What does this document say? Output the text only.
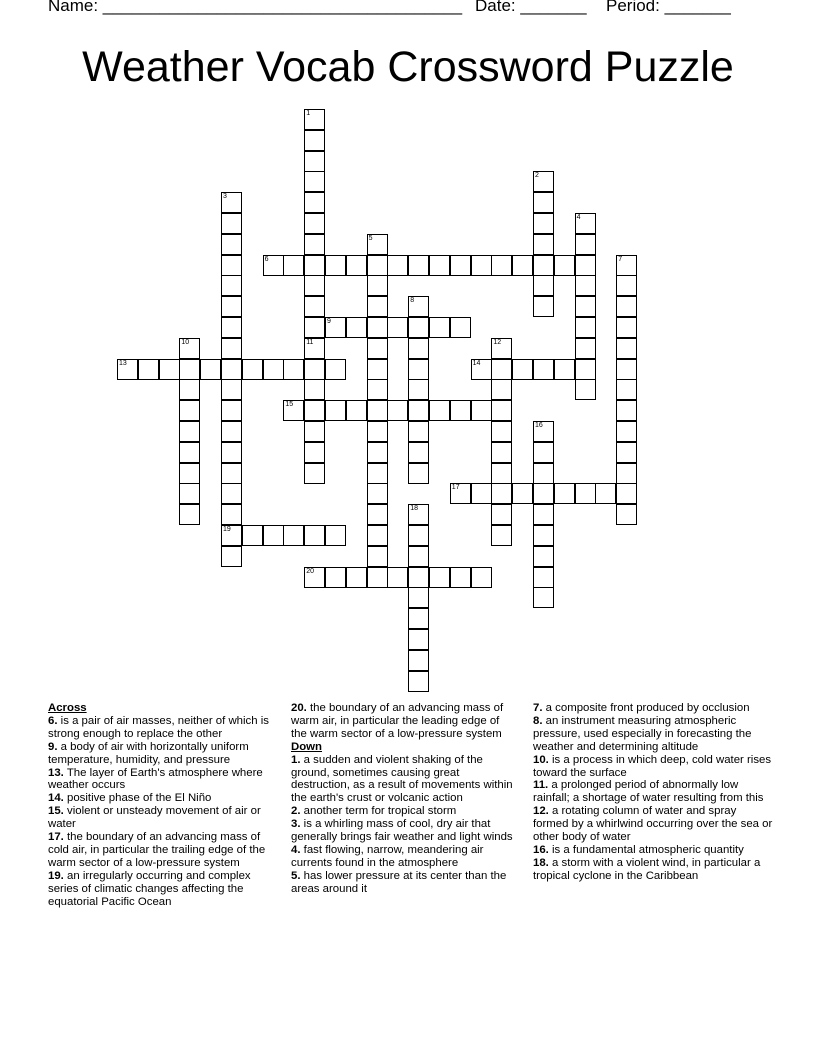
Name: ______________________________________ Date: _______ Period: _______
Weather Vocab Crossword Puzzle
1
11
2
3
19
4
5
6	7
8
9
10	12
13	14
15
16
17
18
20
Across
6. is a pair of air masses, neither of which is strong enough to replace the other
9. a body of air with horizontally uniform temperature, humidity, and pressure
13. The layer of Earth's atmosphere where weather occurs
14. positive phase of the El Niño
15. violent or unsteady movement of air or water
17. the boundary of an advancing mass of cold air, in particular the trailing edge of the warm sector of a low-pressure system
19. an irregularly occurring and complex series of climatic changes affecting the equatorial Pacific Ocean
20. the boundary of an advancing mass of warm air, in particular the leading edge of the warm sector of a low-pressure system
Down
1. a sudden and violent shaking of the ground, sometimes causing great destruction, as a result of movements within the earth's crust or volcanic action
2. another term for tropical storm
3. is a whirling mass of cool, dry air that generally brings fair weather and light winds
4. fast flowing, narrow, meandering air currents found in the atmosphere
5. has lower pressure at its center than the areas around it
7. a composite front produced by occlusion
8. an instrument measuring atmospheric pressure, used especially in forecasting the weather and determining altitude
10. is a process in which deep, cold water rises toward the surface
11. a prolonged period of abnormally low rainfall; a shortage of water resulting from this
12. a rotating column of water and spray formed by a whirlwind occurring over the sea or other body of water
16. is a fundamental atmospheric quantity
18. a storm with a violent wind, in particular a tropical cyclone in the Caribbean
